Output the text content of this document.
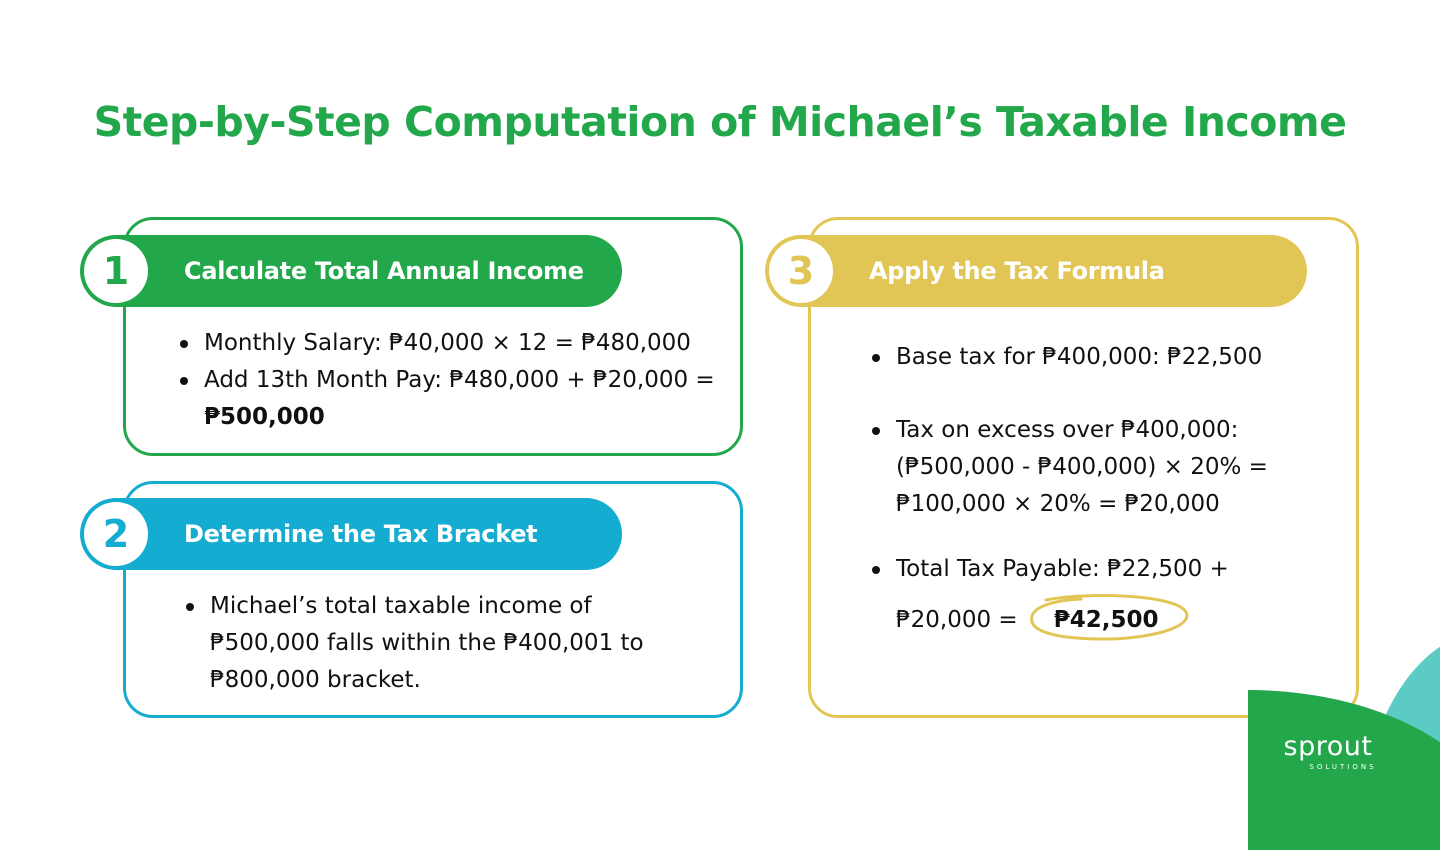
Step-by-Step Computation of Michael’s Taxable Income
1	Calculate Total Annual Income
Monthly Salary: ₱40,000 × 12 = ₱480,000
Add 13th Month Pay: ₱480,000 + ₱20,000 = ₱500,000
2	Determine the Tax Bracket
Michael’s total taxable income of ₱500,000 falls within the ₱400,001 to ₱800,000 bracket.
3	Apply the Tax Formula
Base tax for ₱400,000: ₱22,500
Tax on excess over ₱400,000: (₱500,000 - ₱400,000) × 20% = ₱100,000 × 20% = ₱20,000
Total Tax Payable: ₱22,500 +
₱20,000 = ₱42,500
sprout
SOLUTIONS
